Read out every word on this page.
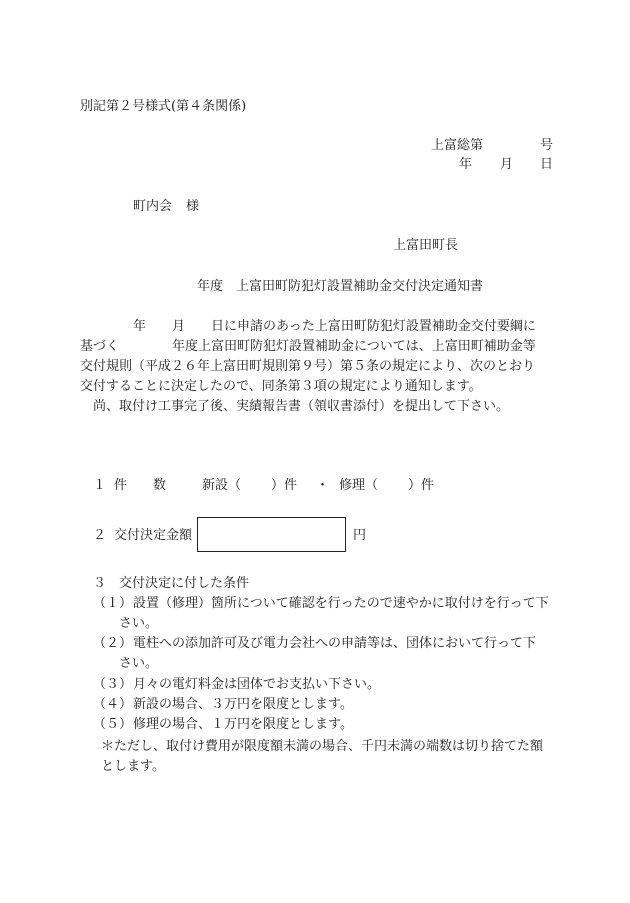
別記第２号様式(第４条関係)
上富総第	号
年 月 日
町内会 様
上富田町長
年度 上富田町防犯灯設置補助金交付決定通知書
年 月 日に申請のあった上富田町防犯灯設置補助金交付要綱に
基づく	年度上富田町防犯灯設置補助金については、上富田町補助金等
交付規則（平成２６年上富田町規則第９号）第５条の規定により、次のとおり
交付することに決定したので、同条第３項の規定により通知します。
尚、取付け工事完了後、実績報告書（領収書添付）を提出して下さい。
１ 件　　数	新設（ ）件 ・ 修理（ ）件
２ 交付決定金額	円
３　交付決定に付した条件
（１） 設置（修理）箇所について確認を行ったので速やかに取付けを行って下
さい。
（２） 電柱への添加許可及び電力会社への申請等は、団体において行って下
さい。
（３） 月々の電灯料金は団体でお支払い下さい。
（４） 新設の場合、３万円を限度とします。
（５） 修理の場合、１万円を限度とします。
＊ただし、取付け費用が限度額未満の場合、千円未満の端数は切り捨てた額
とします。
